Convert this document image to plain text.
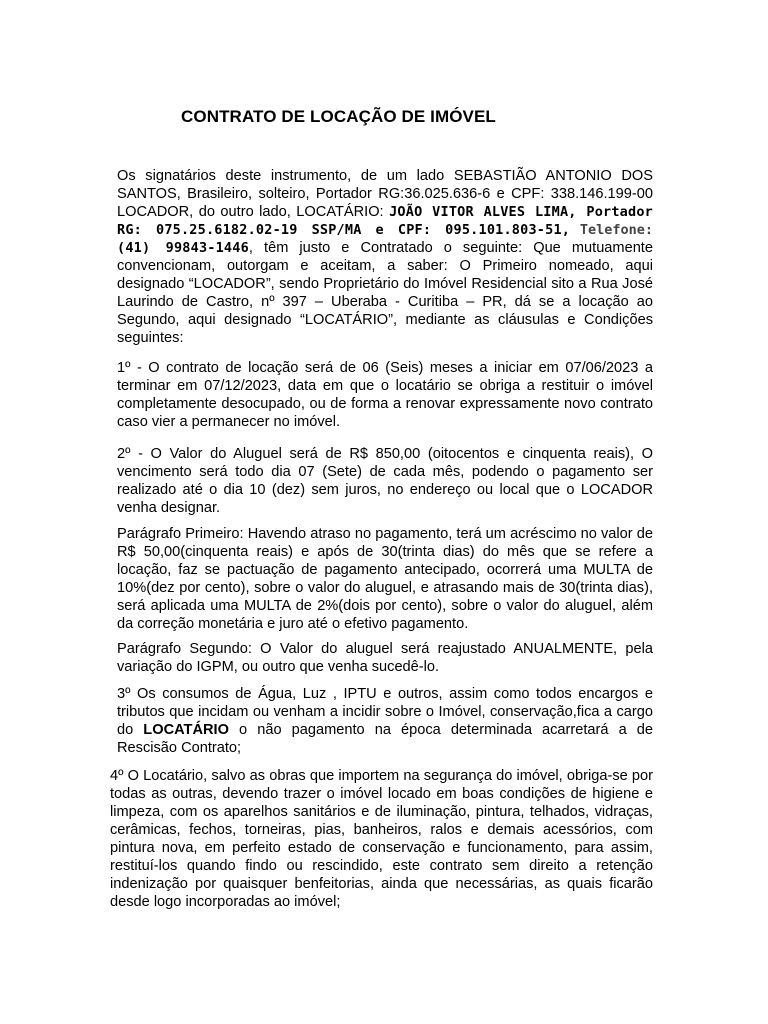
CONTRATO DE LOCAÇÃO DE IMÓVEL

Os signatários deste instrumento, de um lado SEBASTIÃO ANTONIO DOS SANTOS, Brasileiro, solteiro, Portador RG:36.025.636-6 e CPF: 338.146.199-00 LOCADOR, do outro lado, LOCATÁRIO: JOÃO VITOR ALVES LIMA, Portador RG: 075.25.6182.02-19 SSP/MA e CPF: 095.101.803-51, Telefone: (41) 99843-1446, têm justo e Contratado o seguinte: Que mutuamente convencionam, outorgam e aceitam, a saber: O Primeiro nomeado, aqui designado “LOCADOR”, sendo Proprietário do Imóvel Residencial sito a Rua José Laurindo de Castro, nº 397 – Uberaba - Curitiba – PR, dá se a locação ao Segundo, aqui designado “LOCATÁRIO”, mediante as cláusulas e Condições seguintes:

1º - O contrato de locação será de 06 (Seis) meses a iniciar em 07/06/2023 a terminar em 07/12/2023, data em que o locatário se obriga a restituir o imóvel completamente desocupado, ou de forma a renovar expressamente novo contrato caso vier a permanecer no imóvel.

2º - O Valor do Aluguel será de R$ 850,00 (oitocentos e cinquenta reais), O vencimento será todo dia 07 (Sete) de cada mês, podendo o pagamento ser realizado até o dia 10 (dez) sem juros, no endereço ou local que o LOCADOR venha designar.

Parágrafo Primeiro: Havendo atraso no pagamento, terá um acréscimo no valor de R$ 50,00(cinquenta reais) e após de 30(trinta dias) do mês que se refere a locação, faz se pactuação de pagamento antecipado, ocorrerá uma MULTA de 10%(dez por cento), sobre o valor do aluguel, e atrasando mais de 30(trinta dias), será aplicada uma MULTA de 2%(dois por cento), sobre o valor do aluguel, além da correção monetária e juro até o efetivo pagamento.

Parágrafo Segundo: O Valor do aluguel será reajustado ANUALMENTE, pela variação do IGPM, ou outro que venha sucedê-lo.

3º Os consumos de Água, Luz , IPTU e outros, assim como todos encargos e tributos que incidam ou venham a incidir sobre o Imóvel, conservação,fica a cargo do LOCATÁRIO o não pagamento na época determinada acarretará a de Rescisão Contrato;

4º O Locatário, salvo as obras que importem na segurança do imóvel, obriga-se por todas as outras, devendo trazer o imóvel locado em boas condições de higiene e limpeza, com os aparelhos sanitários e de iluminação, pintura, telhados, vidraças, cerâmicas, fechos, torneiras, pias, banheiros, ralos e demais acessórios, com pintura nova, em perfeito estado de conservação e funcionamento, para assim, restituí-los quando findo ou rescindido, este contrato sem direito a retenção indenização por quaisquer benfeitorias, ainda que necessárias, as quais ficarão desde logo incorporadas ao imóvel;
